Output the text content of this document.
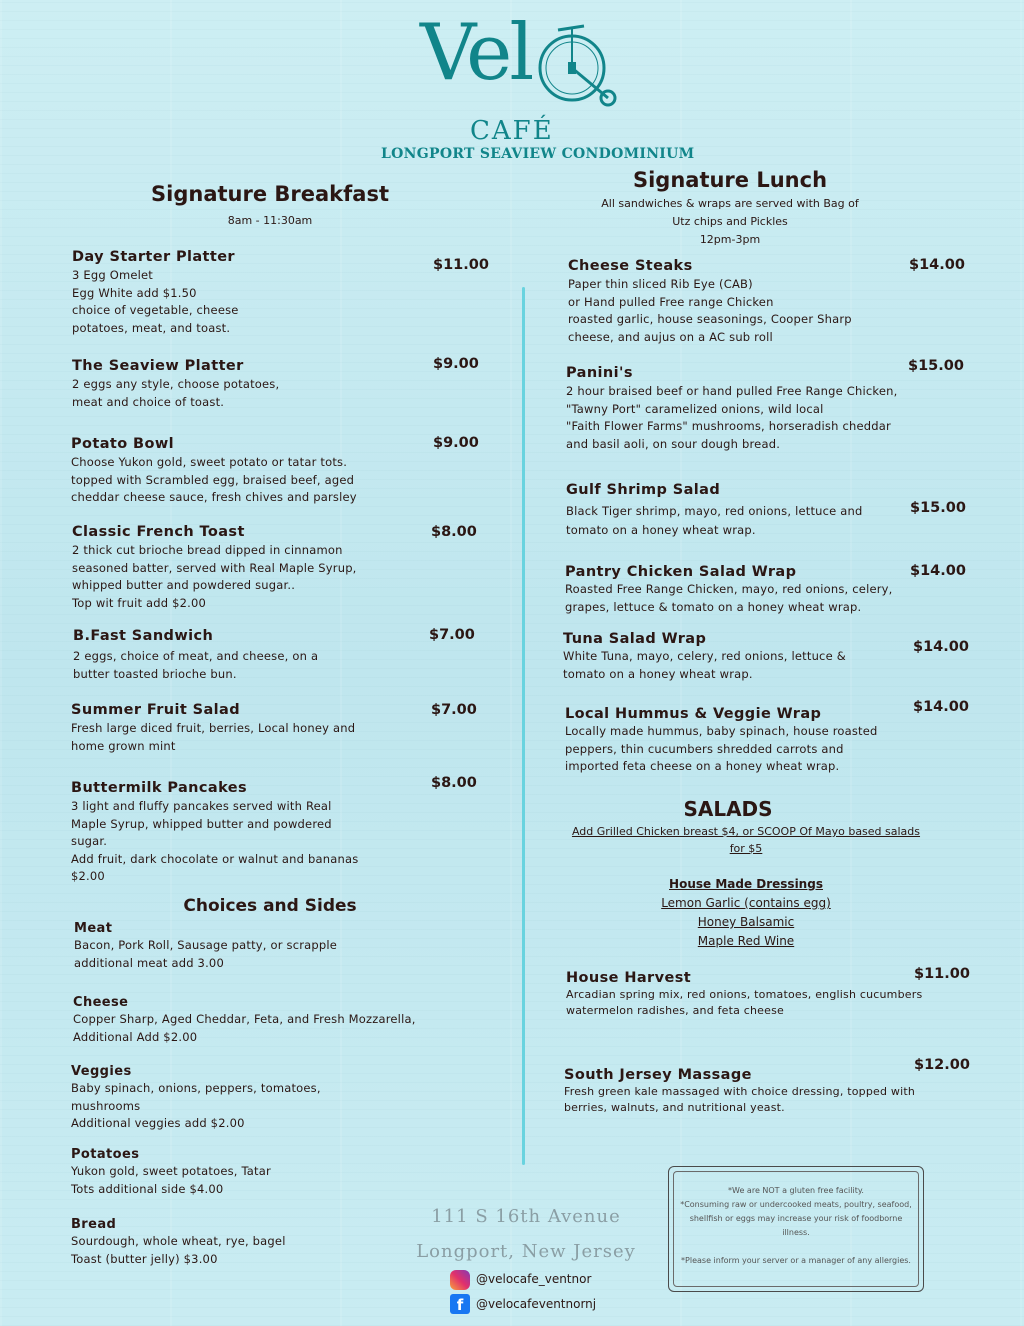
Vel
CAFÉ
LONGPORT SEAVIEW CONDOMINIUM
Signature Breakfast
8am - 11:30am
Day Starter Platter
3 Egg Omelet
Egg White add $1.50
choice of vegetable, cheese
potatoes, meat, and toast.
$11.00
The Seaview Platter
2 eggs any style, choose potatoes,
meat and choice of toast.
$9.00
Potato Bowl
Choose Yukon gold, sweet potato or tatar tots.
topped with Scrambled egg, braised beef, aged
cheddar cheese sauce, fresh chives and parsley
$9.00
Classic French Toast
2 thick cut brioche bread dipped in cinnamon
seasoned batter, served with Real Maple Syrup,
whipped butter and powdered sugar..
Top wit fruit add $2.00
$8.00
B.Fast Sandwich
2 eggs, choice of meat, and cheese, on a
butter toasted brioche bun.
$7.00
Summer Fruit Salad
Fresh large diced fruit, berries, Local honey and
home grown mint
$7.00
Buttermilk Pancakes
3 light and fluffy pancakes served with Real
Maple Syrup, whipped butter and powdered
sugar.
Add fruit, dark chocolate or walnut and bananas
$2.00
$8.00
Choices and Sides
Meat
Bacon, Pork Roll, Sausage patty, or scrapple
additional meat add 3.00
Cheese
Copper Sharp, Aged Cheddar, Feta, and Fresh Mozzarella,
Additional Add $2.00
Veggies
Baby spinach, onions, peppers, tomatoes,
mushrooms
Additional veggies add $2.00
Potatoes
Yukon gold, sweet potatoes, Tatar
Tots additional side $4.00
Bread
Sourdough, whole wheat, rye, bagel
Toast (butter jelly) $3.00
Signature Lunch
All sandwiches & wraps are served with Bag of
Utz chips and Pickles
12pm-3pm
Cheese Steaks
Paper thin sliced Rib Eye (CAB)
or Hand pulled Free range Chicken
roasted garlic, house seasonings, Cooper Sharp
cheese, and aujus on a AC sub roll
$14.00
Panini's
2 hour braised beef or hand pulled Free Range Chicken,
"Tawny Port" caramelized onions, wild local
"Faith Flower Farms" mushrooms, horseradish cheddar
and basil aoli, on sour dough bread.
$15.00
Gulf Shrimp Salad
Black Tiger shrimp, mayo, red onions, lettuce and
tomato on a honey wheat wrap.
$15.00
Pantry Chicken Salad Wrap
Roasted Free Range Chicken, mayo, red onions, celery,
grapes, lettuce & tomato on a honey wheat wrap.
$14.00
Tuna Salad Wrap
White Tuna, mayo, celery, red onions, lettuce &
tomato on a honey wheat wrap.
$14.00
Local Hummus & Veggie Wrap
Locally made hummus, baby spinach, house roasted
peppers, thin cucumbers shredded carrots and
imported feta cheese on a honey wheat wrap.
$14.00
SALADS
Add Grilled Chicken breast $4, or SCOOP Of Mayo based salads
for $5
House Made Dressings
Lemon Garlic (contains egg)
Honey Balsamic
Maple Red Wine
House Harvest
Arcadian spring mix, red onions, tomatoes, english cucumbers
watermelon radishes, and feta cheese
$11.00
South Jersey Massage
Fresh green kale massaged with choice dressing, topped with
berries, walnuts, and nutritional yeast.
$12.00
111 S 16th Avenue
Longport, New Jersey
@velocafe_ventnor
f	@velocafeventnornj
*We are NOT a gluten free facility.
*Consuming raw or undercooked meats, poultry, seafood,
shellfish or eggs may increase your risk of foodborne
illness.

*Please inform your server or a manager of any allergies.
